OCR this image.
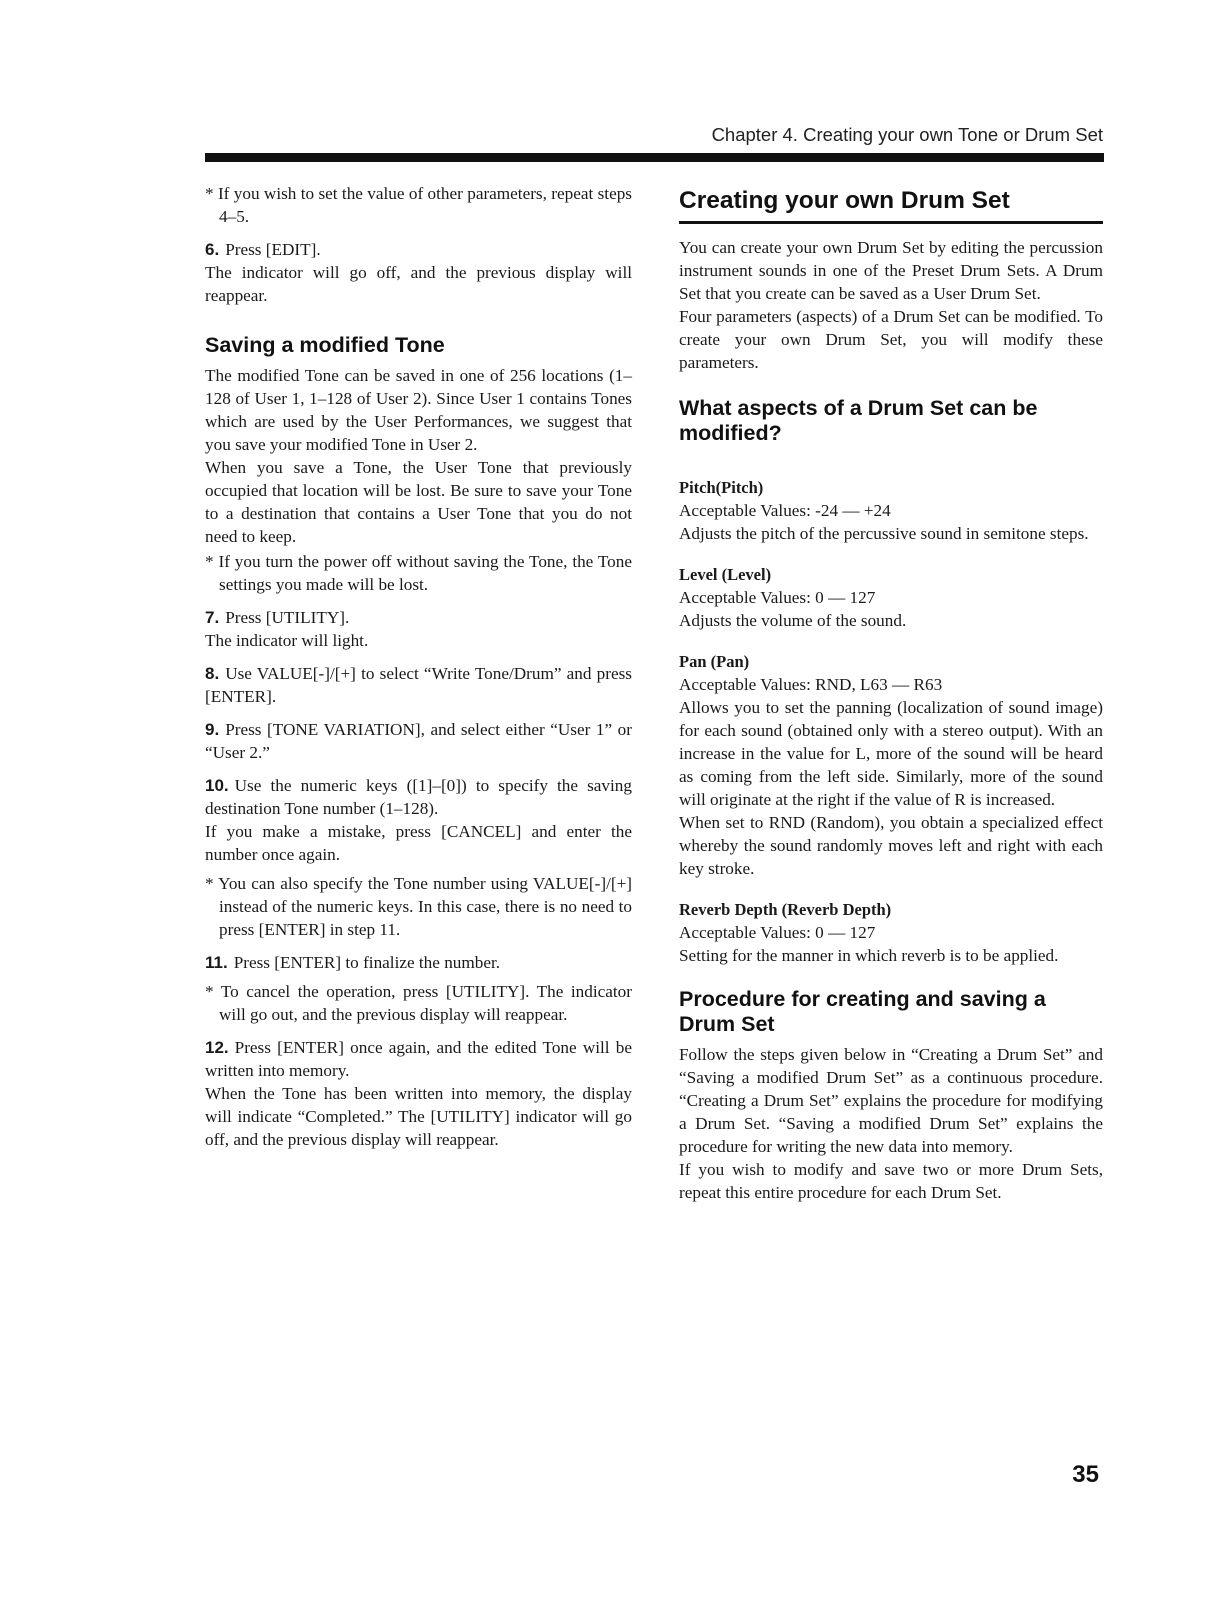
Chapter 4. Creating your own Tone or Drum Set

* If you wish to set the value of other parameters, repeat steps 4–5.

6. Press [EDIT].

The indicator will go off, and the previous display will reappear.

Saving a modified Tone

The modified Tone can be saved in one of 256 locations (1–128 of User 1, 1–128 of User 2). Since User 1 contains Tones which are used by the User Performances, we suggest that you save your modified Tone in User 2.

When you save a Tone, the User Tone that previously occupied that location will be lost. Be sure to save your Tone to a destination that contains a User Tone that you do not need to keep.

* If you turn the power off without saving the Tone, the Tone settings you made will be lost.

7. Press [UTILITY].

The indicator will light.

8. Use VALUE[-]/[+] to select “Write Tone/Drum” and press [ENTER].

9. Press [TONE VARIATION], and select either “User 1” or “User 2.”

10. Use the numeric keys ([1]–[0]) to specify the saving destination Tone number (1–128).

If you make a mistake, press [CANCEL] and enter the number once again.

* You can also specify the Tone number using VALUE[-]/[+] instead of the numeric keys. In this case, there is no need to press [ENTER] in step 11.

11. Press [ENTER] to finalize the number.

* To cancel the operation, press [UTILITY]. The indicator will go out, and the previous display will reappear.

12. Press [ENTER] once again, and the edited Tone will be written into memory.

When the Tone has been written into memory, the display will indicate “Completed.” The [UTILITY] indicator will go off, and the previous display will reappear.

Creating your own Drum Set

You can create your own Drum Set by editing the percussion instrument sounds in one of the Preset Drum Sets. A Drum Set that you create can be saved as a User Drum Set.

Four parameters (aspects) of a Drum Set can be modified. To create your own Drum Set, you will modify these parameters.

What aspects of a Drum Set can be modified?
Pitch(Pitch)

Acceptable Values: -24 — +24

Adjusts the pitch of the percussive sound in semitone steps.

Level (Level)

Acceptable Values: 0 — 127

Adjusts the volume of the sound.

Pan (Pan)

Acceptable Values: RND, L63 — R63

Allows you to set the panning (localization of sound image) for each sound (obtained only with a stereo output). With an increase in the value for L, more of the sound will be heard as coming from the left side. Similarly, more of the sound will originate at the right if the value of R is increased.

When set to RND (Random), you obtain a specialized effect whereby the sound randomly moves left and right with each key stroke.

Reverb Depth (Reverb Depth)

Acceptable Values: 0 — 127

Setting for the manner in which reverb is to be applied.

Procedure for creating and saving a Drum Set

Follow the steps given below in “Creating a Drum Set” and “Saving a modified Drum Set” as a continuous procedure. “Creating a Drum Set” explains the procedure for modifying a Drum Set. “Saving a modified Drum Set” explains the procedure for writing the new data into memory.

If you wish to modify and save two or more Drum Sets, repeat this entire procedure for each Drum Set.

35
